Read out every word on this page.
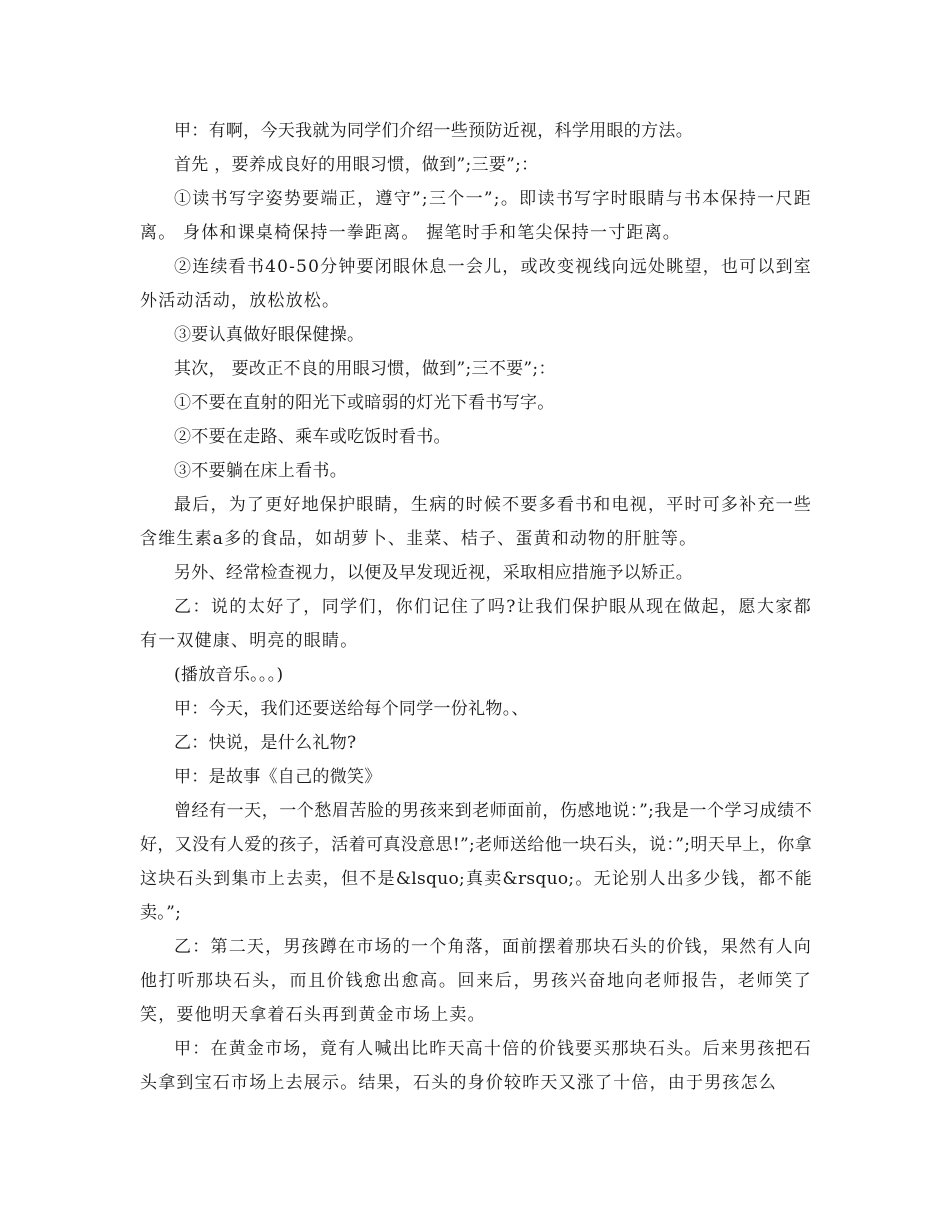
甲：有啊，今天我就为同学们介绍一些预防近视，科学用眼的方法。

首先 ，要养成良好的用眼习惯，做到”;三要”;：

①读书写字姿势要端正，遵守”;三个一”;。即读书写字时眼睛与书本保持一尺距离。 身体和课桌椅保持一拳距离。 握笔时手和笔尖保持一寸距离。

②连续看书40-50分钟要闭眼休息一会儿，或改变视线向远处眺望，也可以到室外活动活动，放松放松。

③要认真做好眼保健操。

其次， 要改正不良的用眼习惯，做到”;三不要”;：

①不要在直射的阳光下或暗弱的灯光下看书写字。

②不要在走路、乘车或吃饭时看书。

③不要躺在床上看书。

最后，为了更好地保护眼睛，生病的时候不要多看书和电视，平时可多补充一些含维生素a多的食品，如胡萝卜、韭菜、桔子、蛋黄和动物的肝脏等。

另外、经常检查视力，以便及早发现近视，采取相应措施予以矫正。

乙：说的太好了，同学们，你们记住了吗?让我们保护眼从现在做起，愿大家都有一双健康、明亮的眼睛。

(播放音乐。。。)

甲：今天，我们还要送给每个同学一份礼物。、

乙：快说，是什么礼物?

甲：是故事《自己的微笑》

曾经有一天，一个愁眉苦脸的男孩来到老师面前，伤感地说：”;我是一个学习成绩不好，又没有人爱的孩子，活着可真没意思!”;老师送给他一块石头，说：”;明天早上，你拿这块石头到集市上去卖，但不是&lsquo;真卖&rsquo;。无论别人出多少钱，都不能卖。”;

乙：第二天，男孩蹲在市场的一个角落，面前摆着那块石头的价钱，果然有人向他打听那块石头，而且价钱愈出愈高。回来后，男孩兴奋地向老师报告，老师笑了笑，要他明天拿着石头再到黄金市场上卖。

甲：在黄金市场，竟有人喊出比昨天高十倍的价钱要买那块石头。后来男孩把石头拿到宝石市场上去展示。结果，石头的身价较昨天又涨了十倍，由于男孩怎么
